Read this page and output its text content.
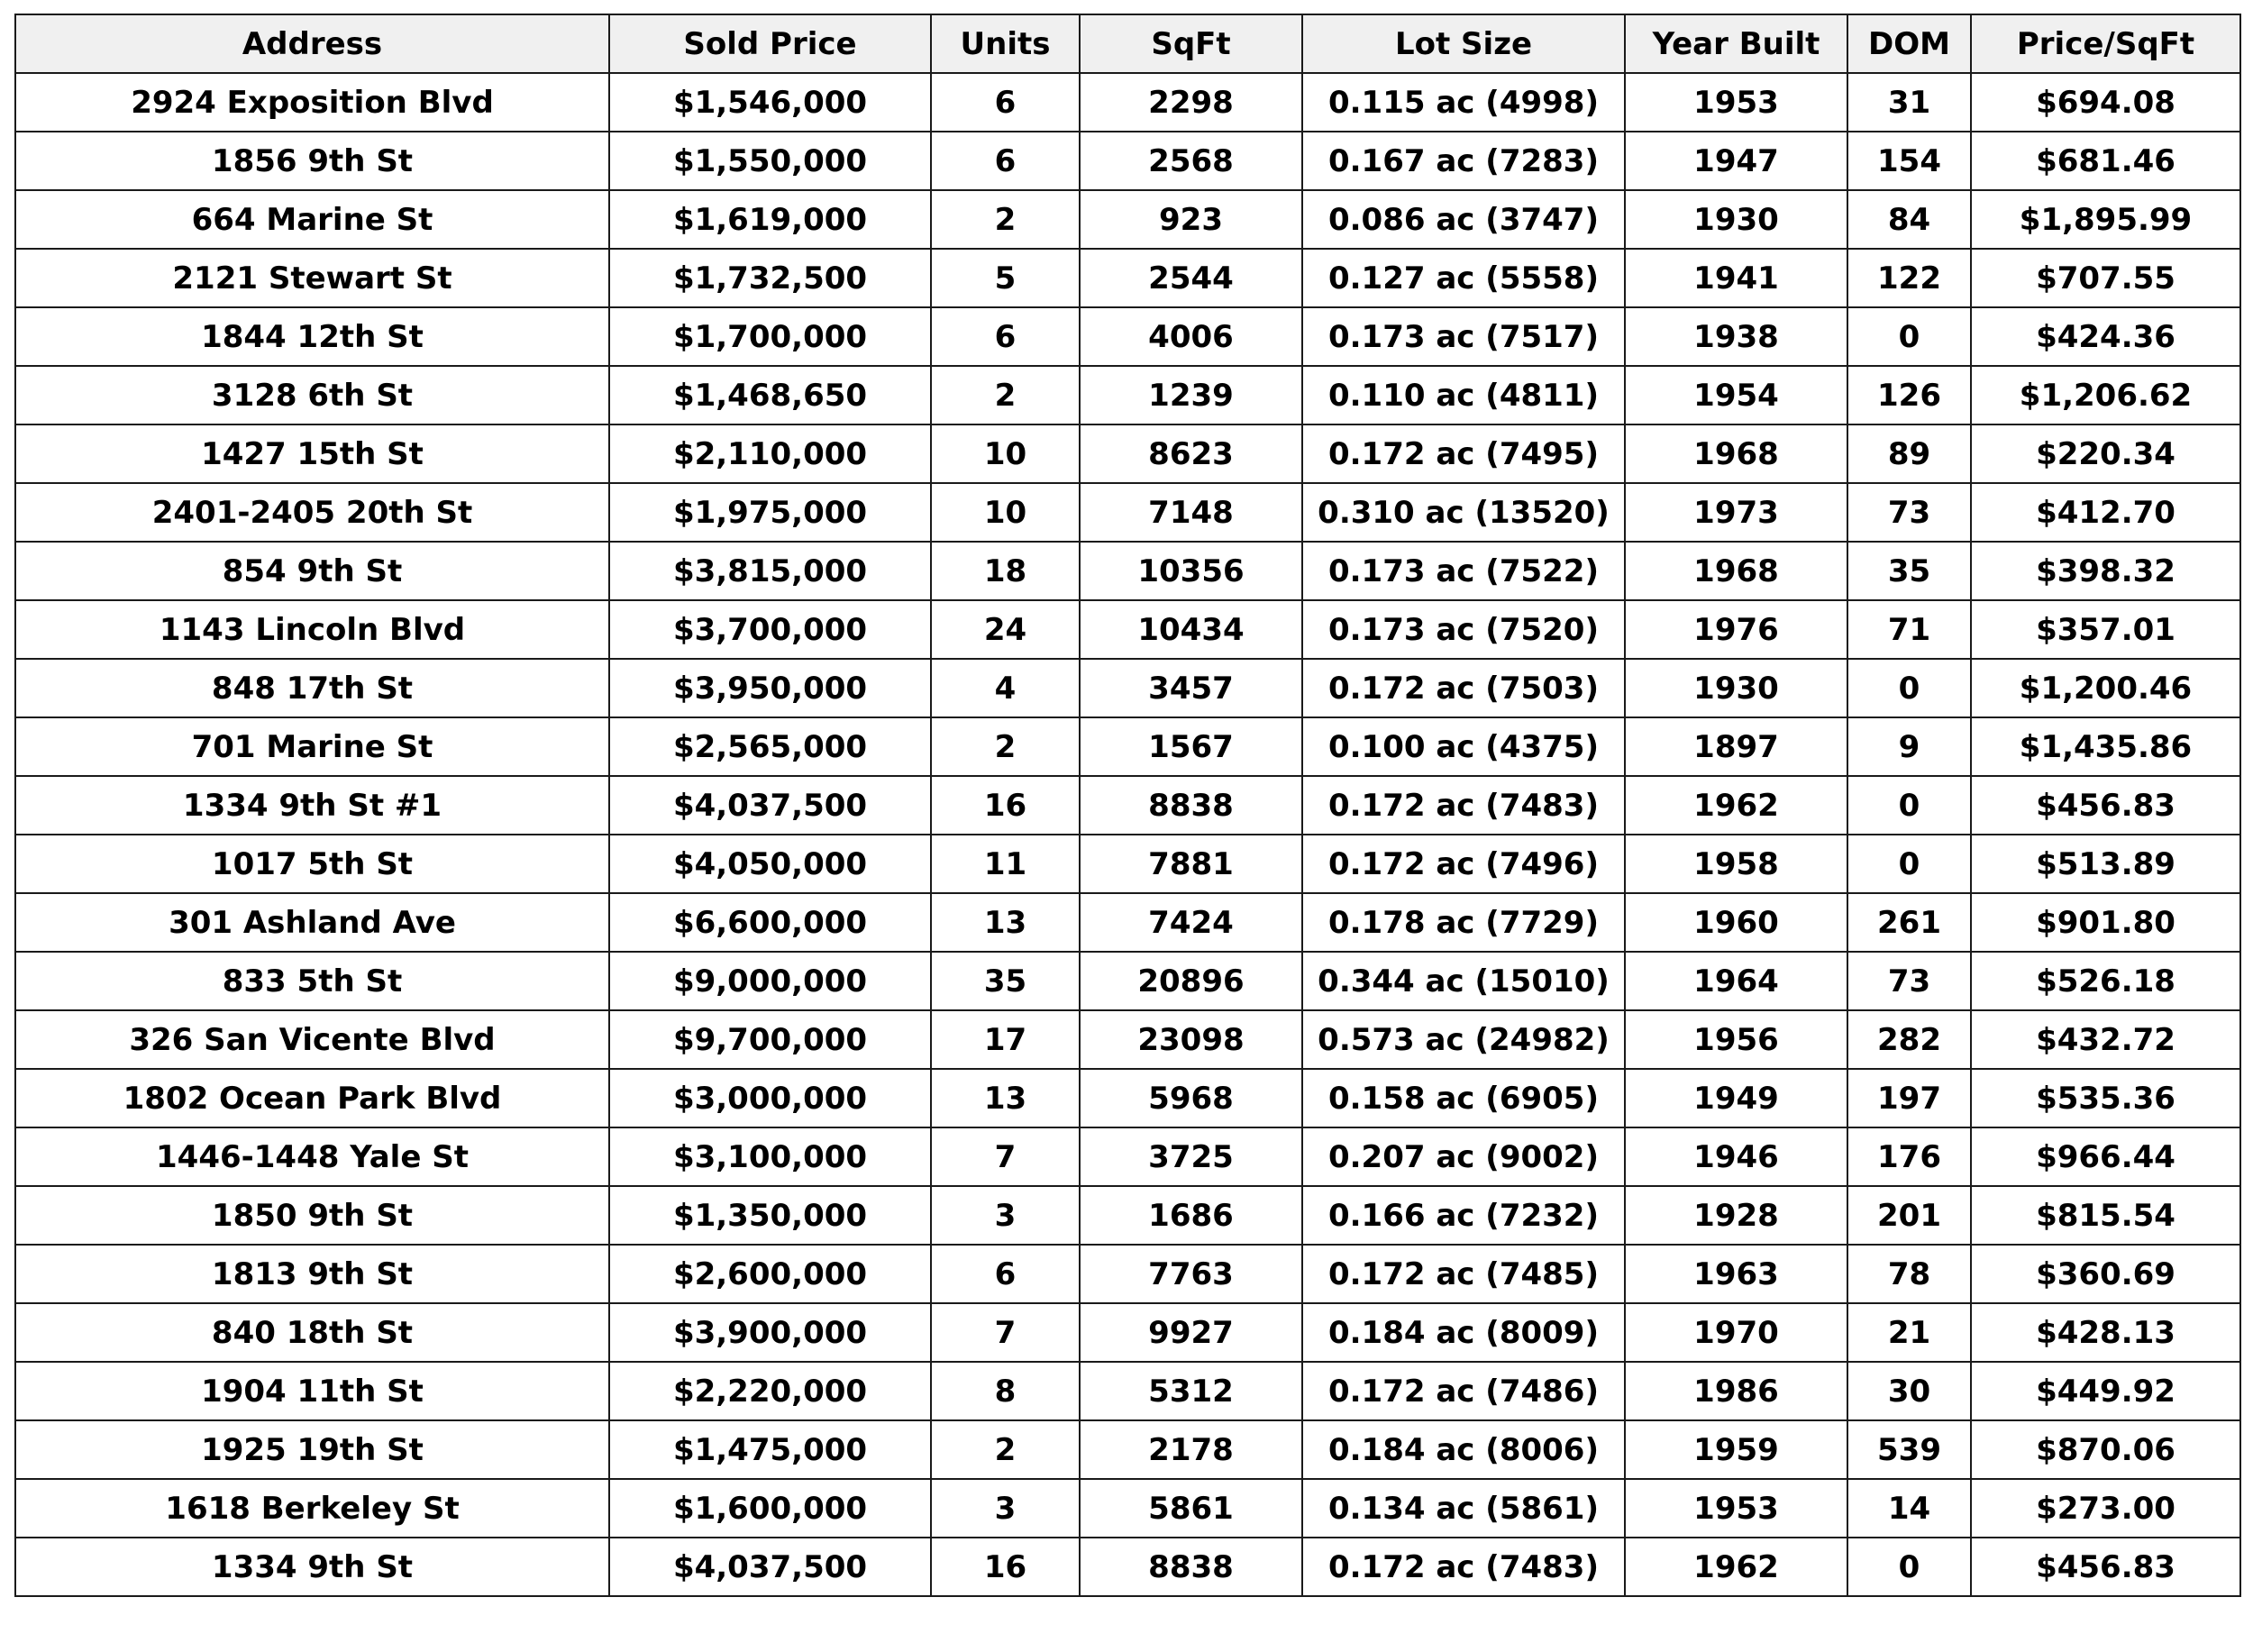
Address	Sold Price	Units	SqFt	Lot Size	Year Built	DOM	Price/SqFt
2924 Exposition Blvd	$1,546,000	6	2298	0.115 ac (4998)	1953	31	$694.08
1856 9th St	$1,550,000	6	2568	0.167 ac (7283)	1947	154	$681.46
664 Marine St	$1,619,000	2	923	0.086 ac (3747)	1930	84	$1,895.99
2121 Stewart St	$1,732,500	5	2544	0.127 ac (5558)	1941	122	$707.55
1844 12th St	$1,700,000	6	4006	0.173 ac (7517)	1938	0	$424.36
3128 6th St	$1,468,650	2	1239	0.110 ac (4811)	1954	126	$1,206.62
1427 15th St	$2,110,000	10	8623	0.172 ac (7495)	1968	89	$220.34
2401-2405 20th St	$1,975,000	10	7148	0.310 ac (13520)	1973	73	$412.70
854 9th St	$3,815,000	18	10356	0.173 ac (7522)	1968	35	$398.32
1143 Lincoln Blvd	$3,700,000	24	10434	0.173 ac (7520)	1976	71	$357.01
848 17th St	$3,950,000	4	3457	0.172 ac (7503)	1930	0	$1,200.46
701 Marine St	$2,565,000	2	1567	0.100 ac (4375)	1897	9	$1,435.86
1334 9th St #1	$4,037,500	16	8838	0.172 ac (7483)	1962	0	$456.83
1017 5th St	$4,050,000	11	7881	0.172 ac (7496)	1958	0	$513.89
301 Ashland Ave	$6,600,000	13	7424	0.178 ac (7729)	1960	261	$901.80
833 5th St	$9,000,000	35	20896	0.344 ac (15010)	1964	73	$526.18
326 San Vicente Blvd	$9,700,000	17	23098	0.573 ac (24982)	1956	282	$432.72
1802 Ocean Park Blvd	$3,000,000	13	5968	0.158 ac (6905)	1949	197	$535.36
1446-1448 Yale St	$3,100,000	7	3725	0.207 ac (9002)	1946	176	$966.44
1850 9th St	$1,350,000	3	1686	0.166 ac (7232)	1928	201	$815.54
1813 9th St	$2,600,000	6	7763	0.172 ac (7485)	1963	78	$360.69
840 18th St	$3,900,000	7	9927	0.184 ac (8009)	1970	21	$428.13
1904 11th St	$2,220,000	8	5312	0.172 ac (7486)	1986	30	$449.92
1925 19th St	$1,475,000	2	2178	0.184 ac (8006)	1959	539	$870.06
1618 Berkeley St	$1,600,000	3	5861	0.134 ac (5861)	1953	14	$273.00
1334 9th St	$4,037,500	16	8838	0.172 ac (7483)	1962	0	$456.83
